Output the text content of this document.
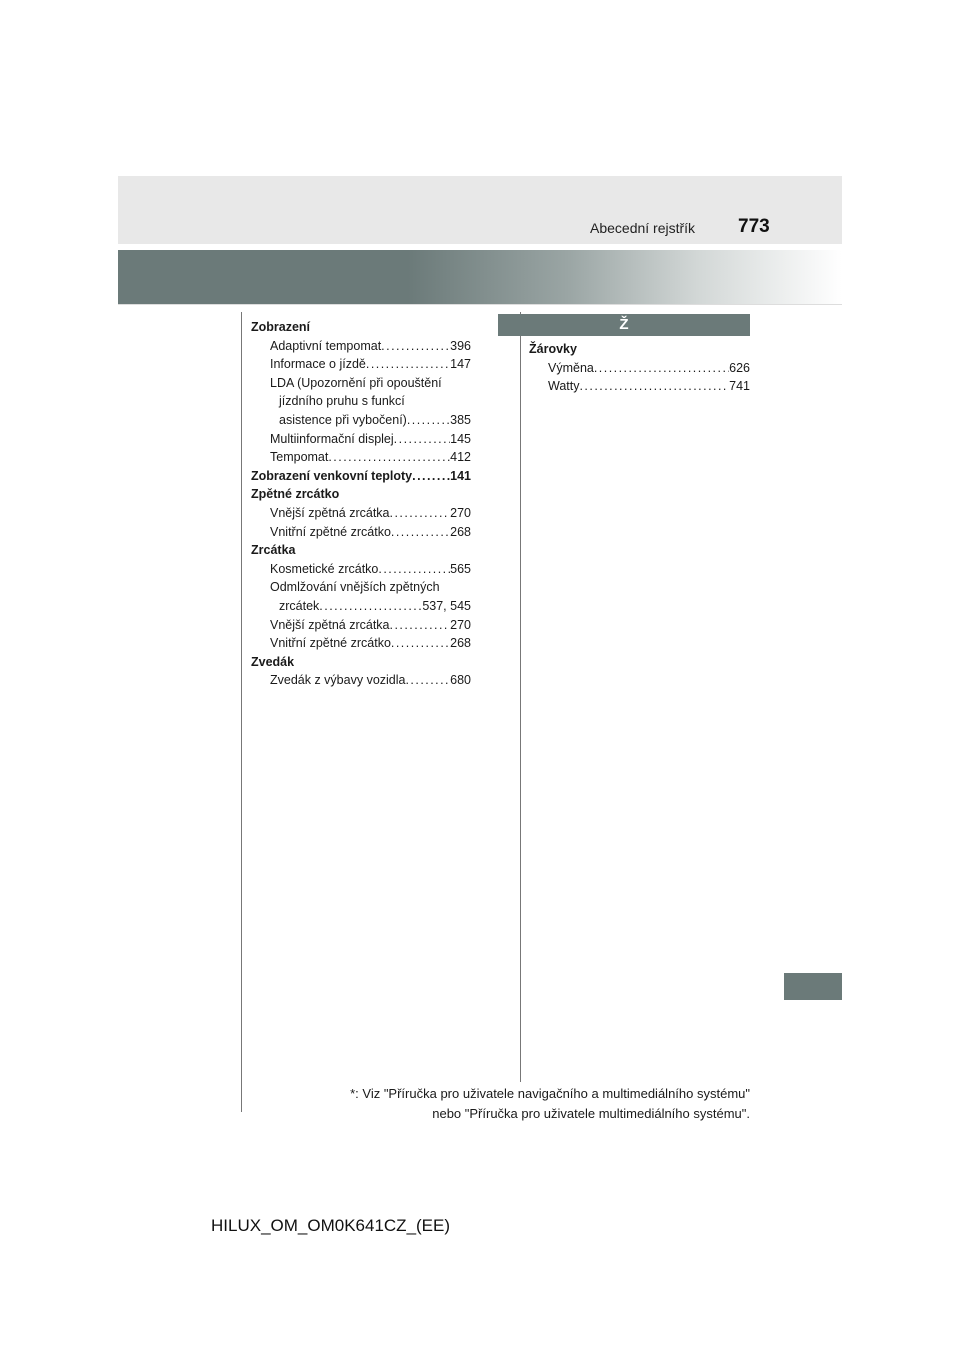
Abecední rejstřík 773
Zobrazení
Adaptivní tempomat . . .	396
Informace o jízdě . . .	147
LDA (Upozornění při opouštění
jízdního pruhu s funkcí
asistence při vybočení) . . .	385
Multiinformační displej . . .	145
Tempomat . . .	412
Zobrazení venkovní teploty . . .	141
Zpětné zrcátko
Vnější zpětná zrcátka . . .	270
Vnitřní zpětné zrcátko . . .	268
Zrcátka
Kosmetické zrcátko . . .	565
Odmlžování vnějších zpětných
zrcátek . . .	537, 545
Vnější zpětná zrcátka . . .	270
Vnitřní zpětné zrcátko . . .	268
Zvedák
Zvedák z výbavy vozidla . . .	680
Ž
Žárovky
Výměna . . .	626
Watty . . .	741
*: Viz "Příručka pro uživatele navigačního a multimediálního systému"
nebo "Příručka pro uživatele multimediálního systému".
HILUX_OM_OM0K641CZ_(EE)
